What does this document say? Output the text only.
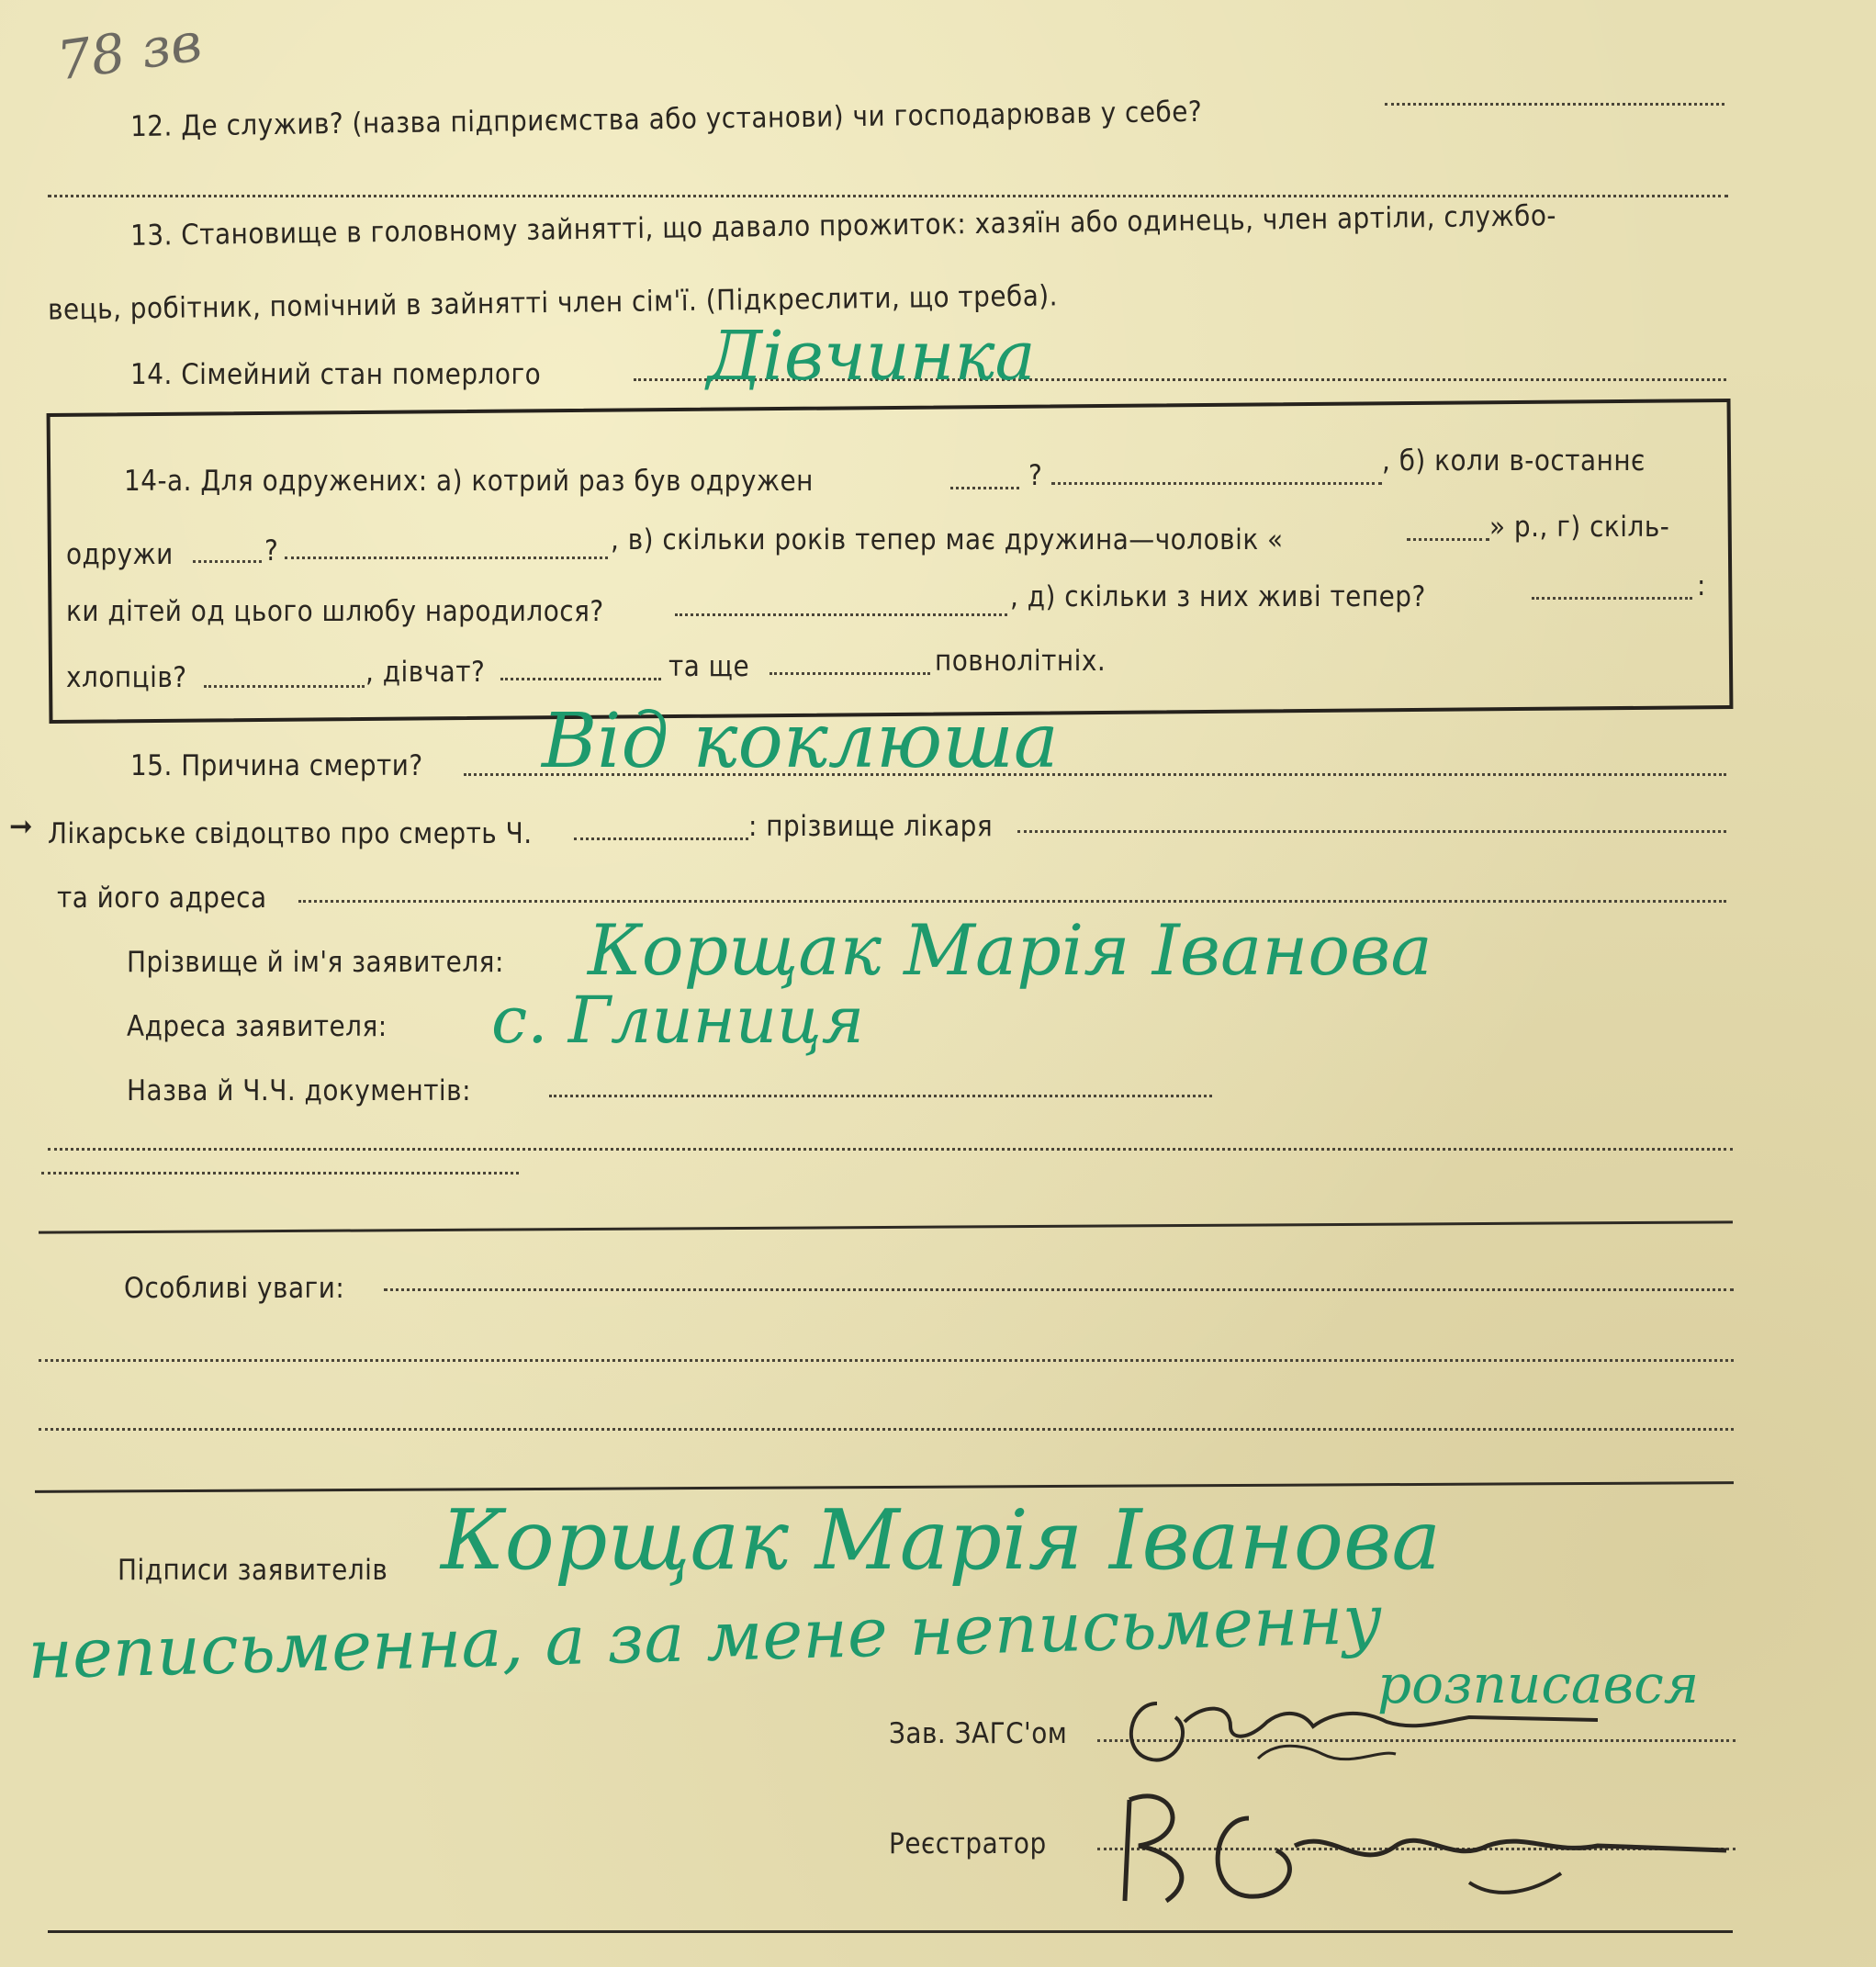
78 зв
12. Де служив? (назва підприємства або установи) чи господарював у себе?
13. Становище в головному зайнятті, що давало прожиток: хазяїн або одинець, член артіли, службо-
вець, робітник, помічний в зайнятті член сім'ї. (Підкреслити, що треба).
14. Сімейний стан померлого Дівчинка
14-а. Для одружених: а) котрий раз був одружен	?	, б) коли в-останнє
одружи	?	, в) скільки років тепер має дружина—чоловік «	» р., г) скіль-
ки дітей од цього шлюбу народилося?	, д) скільки з них живі тепер?	:
хлопців?	, дівчат?	та ще	повнолітніх.
15. Причина смерти? Від коклюша
➞ Лікарське свідоцтво про смерть Ч.	: прізвище лікаря
та його адреса
Прізвище й ім'я заявителя: Корщак Марія Іванова
Адреса заявителя: с. Глиниця
Назва й Ч.Ч. документів:
Особливі уваги:
Підписи заявителів Корщак Марія Іванова
неписьменна, а за мене неписьменну
розписався
Зав. ЗАГС'ом
Реєстратор
